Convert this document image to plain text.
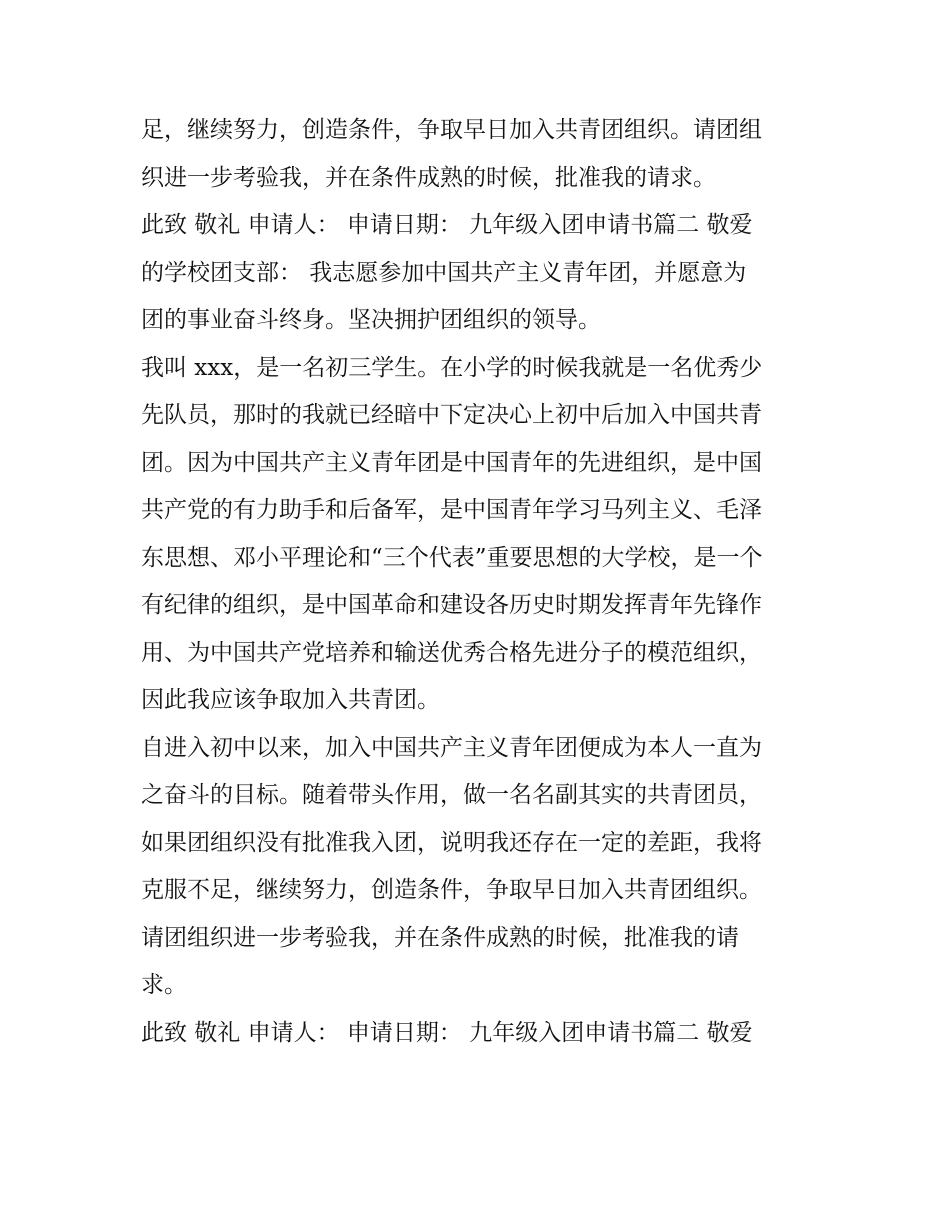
足，继续努力，创造条件，争取早日加入共青团组织。请团组
织进一步考验我，并在条件成熟的时候，批准我的请求。
此致 敬礼 申请人： 申请日期： 九年级入团申请书篇二 敬爱
的学校团支部： 我志愿参加中国共产主义青年团，并愿意为
团的事业奋斗终身。坚决拥护团组织的领导。
我叫 xxx，是一名初三学生。在小学的时候我就是一名优秀少
先队员，那时的我就已经暗中下定决心上初中后加入中国共青
团。因为中国共产主义青年团是中国青年的先进组织，是中国
共产党的有力助手和后备军，是中国青年学习马列主义、毛泽
东思想、邓小平理论和“三个代表”重要思想的大学校，是一个
有纪律的组织，是中国革命和建设各历史时期发挥青年先锋作
用、为中国共产党培养和输送优秀合格先进分子的模范组织，
因此我应该争取加入共青团。
自进入初中以来，加入中国共产主义青年团便成为本人一直为
之奋斗的目标。随着带头作用，做一名名副其实的共青团员，
如果团组织没有批准我入团，说明我还存在一定的差距，我将
克服不足，继续努力，创造条件，争取早日加入共青团组织。
请团组织进一步考验我，并在条件成熟的时候，批准我的请
求。
此致 敬礼 申请人： 申请日期： 九年级入团申请书篇二 敬爱
